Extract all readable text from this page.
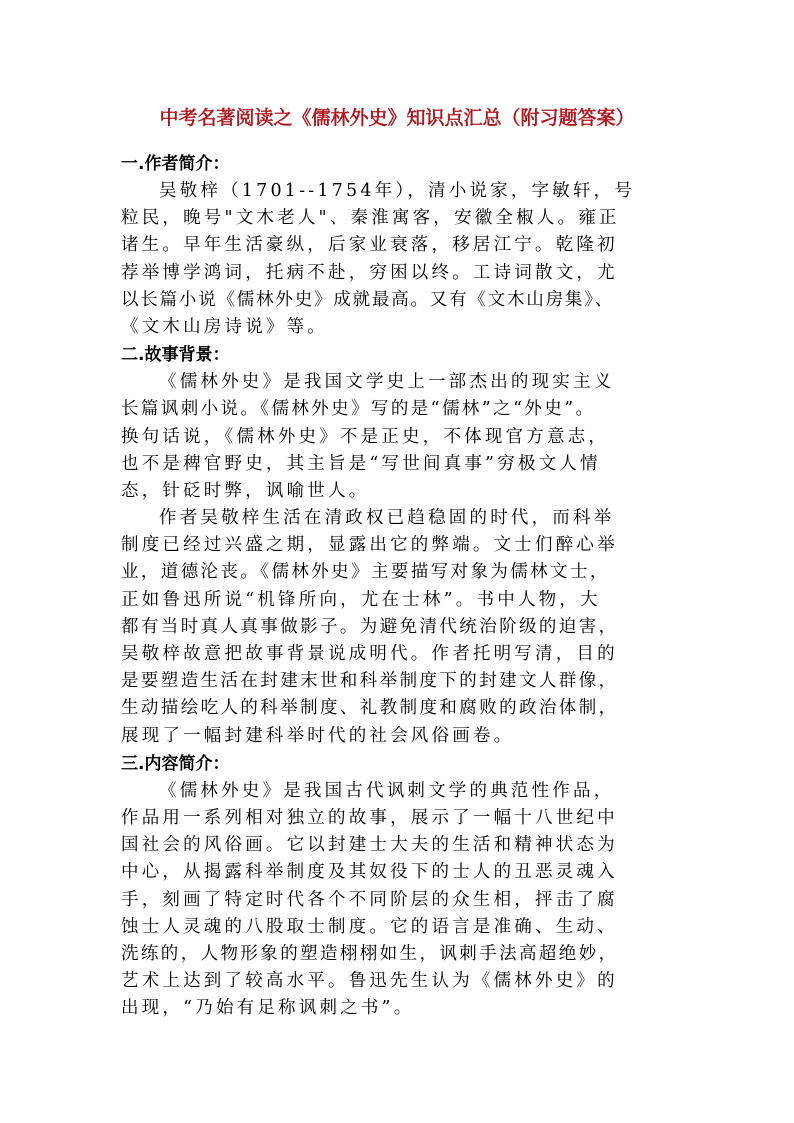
中考名著阅读之《儒林外史》知识点汇总（附习题答案）
一.作者简介：
吴敬梓（1701--1754年），清小说家，字敏轩，号
粒民，晚号"文木老人"、秦淮寓客，安徽全椒人。雍正
诸生。早年生活豪纵，后家业衰落，移居江宁。乾隆初
荐举博学鸿词，托病不赴，穷困以终。工诗词散文，尤
以长篇小说《儒林外史》成就最高。又有《文木山房集》、
《文木山房诗说》等。
二.故事背景：
《儒林外史》是我国文学史上一部杰出的现实主义
长篇讽刺小说。《儒林外史》写的是“儒林”之“外史”。
换句话说，《儒林外史》不是正史，不体现官方意志，
也不是稗官野史，其主旨是“写世间真事”穷极文人情
态，针砭时弊，讽喻世人。
作者吴敬梓生活在清政权已趋稳固的时代，而科举
制度已经过兴盛之期，显露出它的弊端。文士们醉心举
业，道德沦丧。《儒林外史》主要描写对象为儒林文士，
正如鲁迅所说“机锋所向，尤在士林”。书中人物，大
都有当时真人真事做影子。为避免清代统治阶级的迫害，
吴敬梓故意把故事背景说成明代。作者托明写清，目的
是要塑造生活在封建末世和科举制度下的封建文人群像，
生动描绘吃人的科举制度、礼教制度和腐败的政治体制，
展现了一幅封建科举时代的社会风俗画卷。
三.内容简介：
《儒林外史》是我国古代讽刺文学的典范性作品，
作品用一系列相对独立的故事，展示了一幅十八世纪中
国社会的风俗画。它以封建士大夫的生活和精神状态为
中心，从揭露科举制度及其奴役下的士人的丑恶灵魂入
手，刻画了特定时代各个不同阶层的众生相，抨击了腐
蚀士人灵魂的八股取士制度。它的语言是准确、生动、
洗练的，人物形象的塑造栩栩如生，讽刺手法高超绝妙，
艺术上达到了较高水平。鲁迅先生认为《儒林外史》的
出现，“乃始有足称讽刺之书”。
